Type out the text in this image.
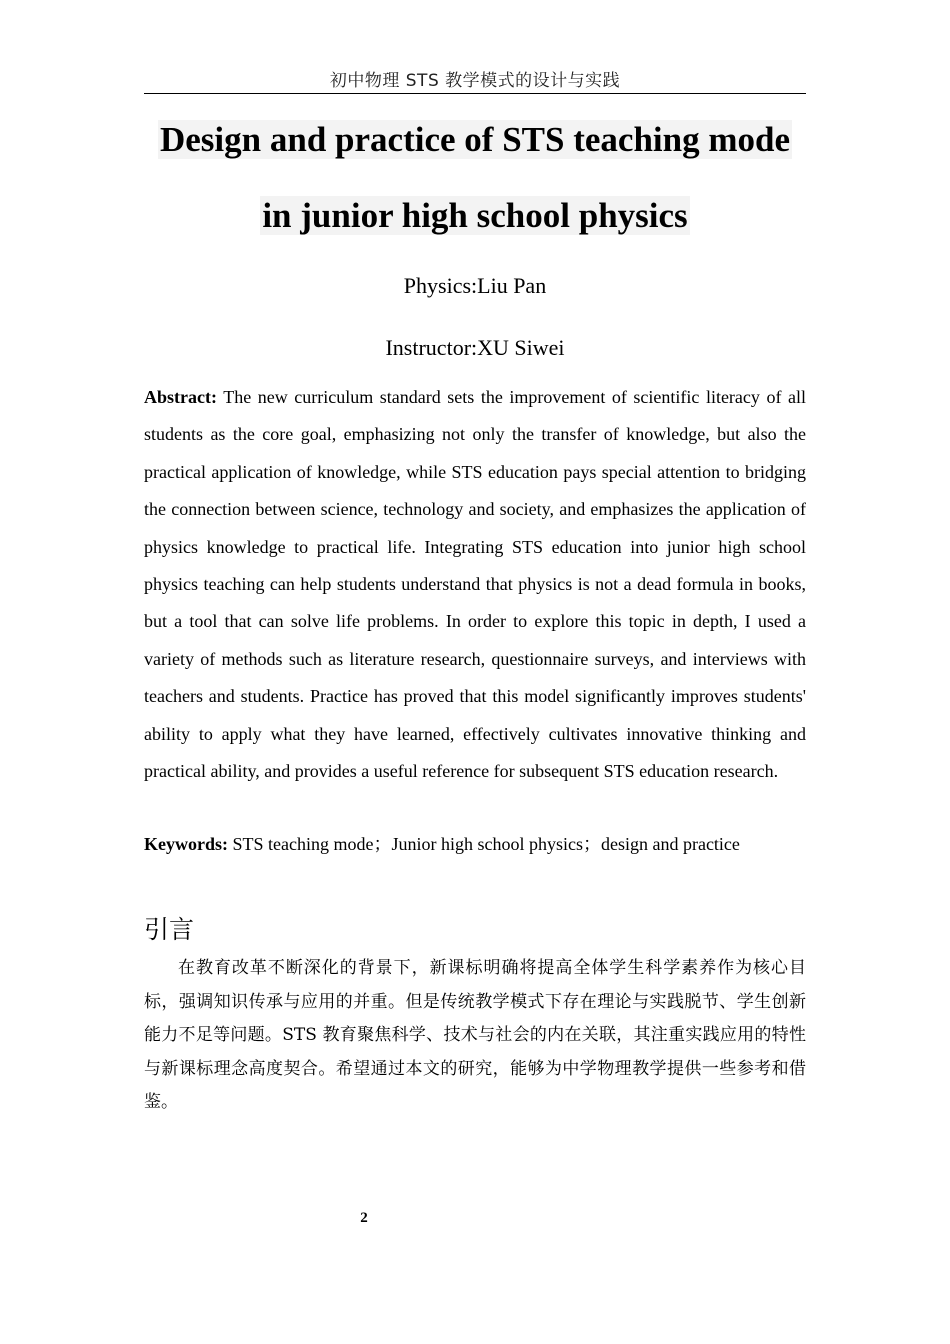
初中物理 STS 教学模式的设计与实践
Design and practice of STS teaching mode
in junior high school physics
Physics:Liu Pan
Instructor:XU Siwei

Abstract: The new curriculum standard sets the improvement of scientific literacy of all students as the core goal, emphasizing not only the transfer of knowledge, but also the practical application of knowledge, while STS education pays special attention to bridging the connection between science, technology and society, and emphasizes the application of physics knowledge to practical life. Integrating STS education into junior high school physics teaching can help students understand that physics is not a dead formula in books, but a tool that can solve life problems. In order to explore this topic in depth, I used a variety of methods such as literature research, questionnaire surveys, and interviews with teachers and students. Practice has proved that this model significantly improves students' ability to apply what they have learned, effectively cultivates innovative thinking and practical ability, and provides a useful reference for subsequent STS education research.

Keywords: STS teaching mode；Junior high school physics；design and practice

引言

在教育改革不断深化的背景下，新课标明确将提高全体学生科学素养作为核心目标，强调知识传承与应用的并重。但是传统教学模式下存在理论与实践脱节、学生创新能力不足等问题。STS 教育聚焦科学、技术与社会的内在关联，其注重实践应用的特性与新课标理念高度契合。希望通过本文的研究，能够为中学物理教学提供一些参考和借鉴。

2
